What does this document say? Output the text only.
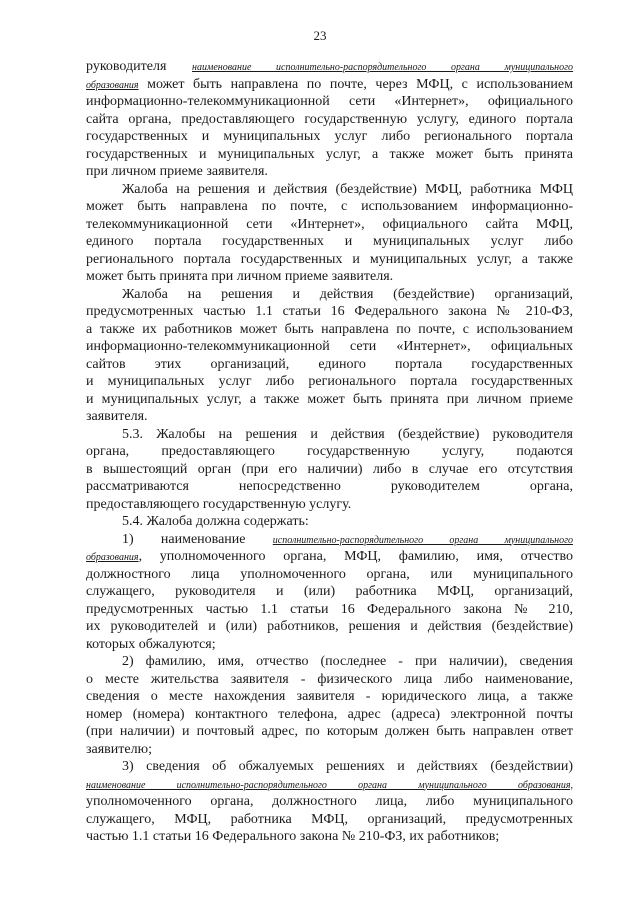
23
руководителя наименование исполнительно-распорядительного органа муниципального
образования может быть направлена по почте, через МФЦ, с использованием
информационно-телекоммуникационной сети «Интернет», официального
сайта органа, предоставляющего государственную услугу, единого портала
государственных и муниципальных услуг либо регионального портала
государственных и муниципальных услуг, а также может быть принята
при личном приеме заявителя.
Жалоба на решения и действия (бездействие) МФЦ, работника МФЦ
может быть направлена по почте, с использованием информационно-
телекоммуникационной сети «Интернет», официального сайта МФЦ,
единого портала государственных и муниципальных услуг либо
регионального портала государственных и муниципальных услуг, а также
может быть принята при личном приеме заявителя.
Жалоба на решения и действия (бездействие) организаций,
предусмотренных частью 1.1 статьи 16 Федерального закона № 210-ФЗ,
а также их работников может быть направлена по почте, с использованием
информационно-телекоммуникационной сети «Интернет», официальных
сайтов этих организаций, единого портала государственных
и муниципальных услуг либо регионального портала государственных
и муниципальных услуг, а также может быть принята при личном приеме
заявителя.
5.3. Жалобы на решения и действия (бездействие) руководителя
органа, предоставляющего государственную услугу, подаются
в вышестоящий орган (при его наличии) либо в случае его отсутствия
рассматриваются непосредственно руководителем органа,
предоставляющего государственную услугу.
5.4. Жалоба должна содержать:
1) наименование исполнительно-распорядительного органа муниципального
образования, уполномоченного органа, МФЦ, фамилию, имя, отчество
должностного лица уполномоченного органа, или муниципального
служащего, руководителя и (или) работника МФЦ, организаций,
предусмотренных частью 1.1 статьи 16 Федерального закона № 210,
их руководителей и (или) работников, решения и действия (бездействие)
которых обжалуются;
2) фамилию, имя, отчество (последнее - при наличии), сведения
о месте жительства заявителя - физического лица либо наименование,
сведения о месте нахождения заявителя - юридического лица, а также
номер (номера) контактного телефона, адрес (адреса) электронной почты
(при наличии) и почтовый адрес, по которым должен быть направлен ответ
заявителю;
3) сведения об обжалуемых решениях и действиях (бездействии)
наименование исполнительно-распорядительного органа муниципального образования,
уполномоченного органа, должностного лица, либо муниципального
служащего, МФЦ, работника МФЦ, организаций, предусмотренных
частью 1.1 статьи 16 Федерального закона № 210-ФЗ, их работников;
